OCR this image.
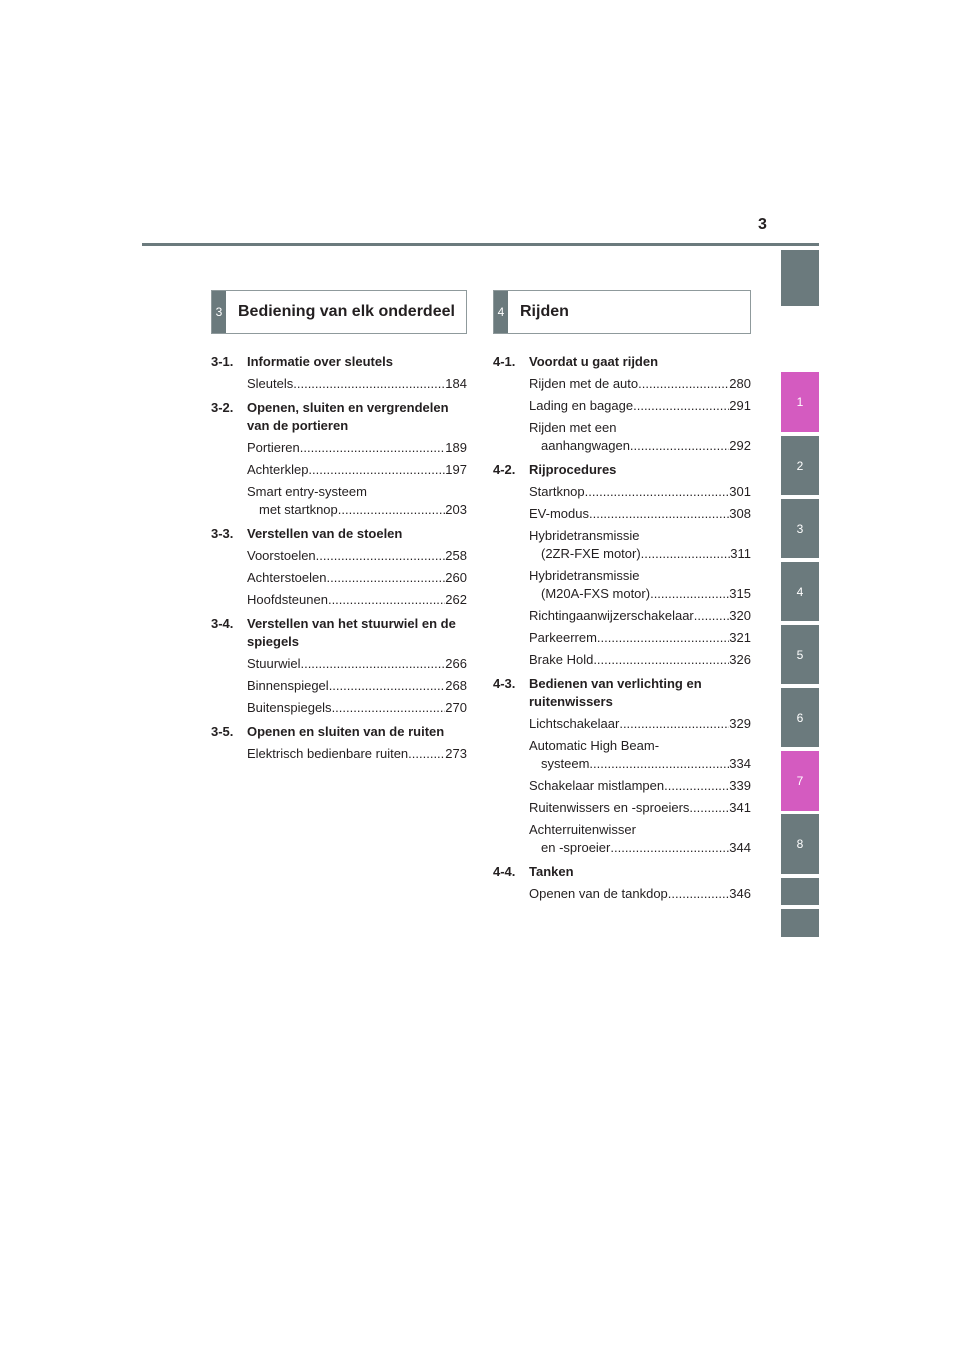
3
1
2
3
4
5
6
7
8
3 Bediening van elk onderdeel
3-1.	Informatie over sleutels
Sleutels .....	184
3-2.	Openen, sluiten en vergrendelen van de portieren
Portieren .....	189
Achterklep .....	197
Smart entry-systeem
met startknop .....	203
3-3.	Verstellen van de stoelen
Voorstoelen .....	258
Achterstoelen .....	260
Hoofdsteunen .....	262
3-4.	Verstellen van het stuurwiel en de spiegels
Stuurwiel .....	266
Binnenspiegel .....	268
Buitenspiegels .....	270
3-5.	Openen en sluiten van de ruiten
Elektrisch bedienbare ruiten .....	273
4 Rijden
4-1.	Voordat u gaat rijden
Rijden met de auto .....	280
Lading en bagage .....	291
Rijden met een
aanhangwagen .....	292
4-2.	Rijprocedures
Startknop .....	301
EV-modus .....	308
Hybridetransmissie
(2ZR-FXE motor) .....	311
Hybridetransmissie
(M20A-FXS motor) .....	315
Richtingaanwijzerschakelaar .....	320
Parkeerrem .....	321
Brake Hold .....	326
4-3.	Bedienen van verlichting en ruitenwissers
Lichtschakelaar .....	329
Automatic High Beam-
systeem .....	334
Schakelaar mistlampen .....	339
Ruitenwissers en -sproeiers .....	341
Achterruitenwisser
en -sproeier .....	344
4-4.	Tanken
Openen van de tankdop .....	346
